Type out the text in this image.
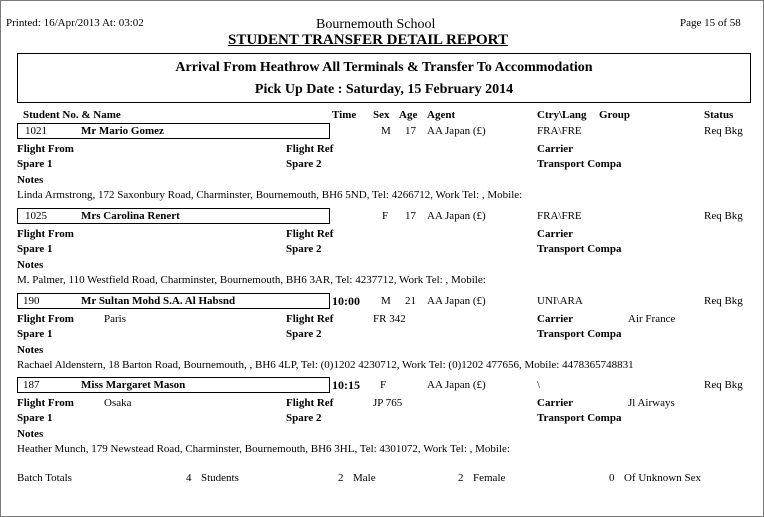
Printed: 16/Apr/2013 At: 03:02	Bournemouth School
STUDENT TRANSFER DETAIL REPORT
Page 15 of 58
Arrival From Heathrow All Terminals & Transfer To Accommodation
Pick Up Date : Saturday, 15 February 2014
Student No. & Name	Time Sex Age Agent	Ctry\Lang Group	Status
1021	Mr Mario Gomez	M 17 AA Japan (£)	FRA\FRE	Req Bkg
Flight From	Flight Ref	Carrier
Spare 1	Spare 2	Transport Compa
Notes
Linda Armstrong, 172 Saxonbury Road, Charminster, Bournemouth, BH6 5ND, Tel: 4266712, Work Tel: , Mobile:
1025	Mrs Carolina Renert	F 17 AA Japan (£)	FRA\FRE	Req Bkg
Flight From	Flight Ref	Carrier
Spare 1	Spare 2	Transport Compa
Notes
M. Palmer, 110 Westfield Road, Charminster, Bournemouth, BH6 3AR, Tel: 4237712, Work Tel: , Mobile:
190	Mr Sultan Mohd S.A. Al Habsnd	10:00 M 21 AA Japan (£)	UNI\ARA	Req Bkg
Flight From	Paris	Flight Ref	FR 342	Carrier	Air France
Spare 1	Spare 2	Transport Compa
Notes
Rachael Aldenstern, 18 Barton Road, Bournemouth, , BH6 4LP, Tel: (0)1202 4230712, Work Tel: (0)1202 477656, Mobile: 4478365748831
187	Miss Margaret Mason	10:15 F	AA Japan (£)	\	Req Bkg
Flight From	Osaka	Flight Ref	JP 765	Carrier	Jl Airways
Spare 1	Spare 2	Transport Compa
Notes
Heather Munch, 179 Newstead Road, Charminster, Bournemouth, BH6 3HL, Tel: 4301072, Work Tel: , Mobile:
Batch Totals	4 Students	2 Male	2 Female	0 Of Unknown Sex
